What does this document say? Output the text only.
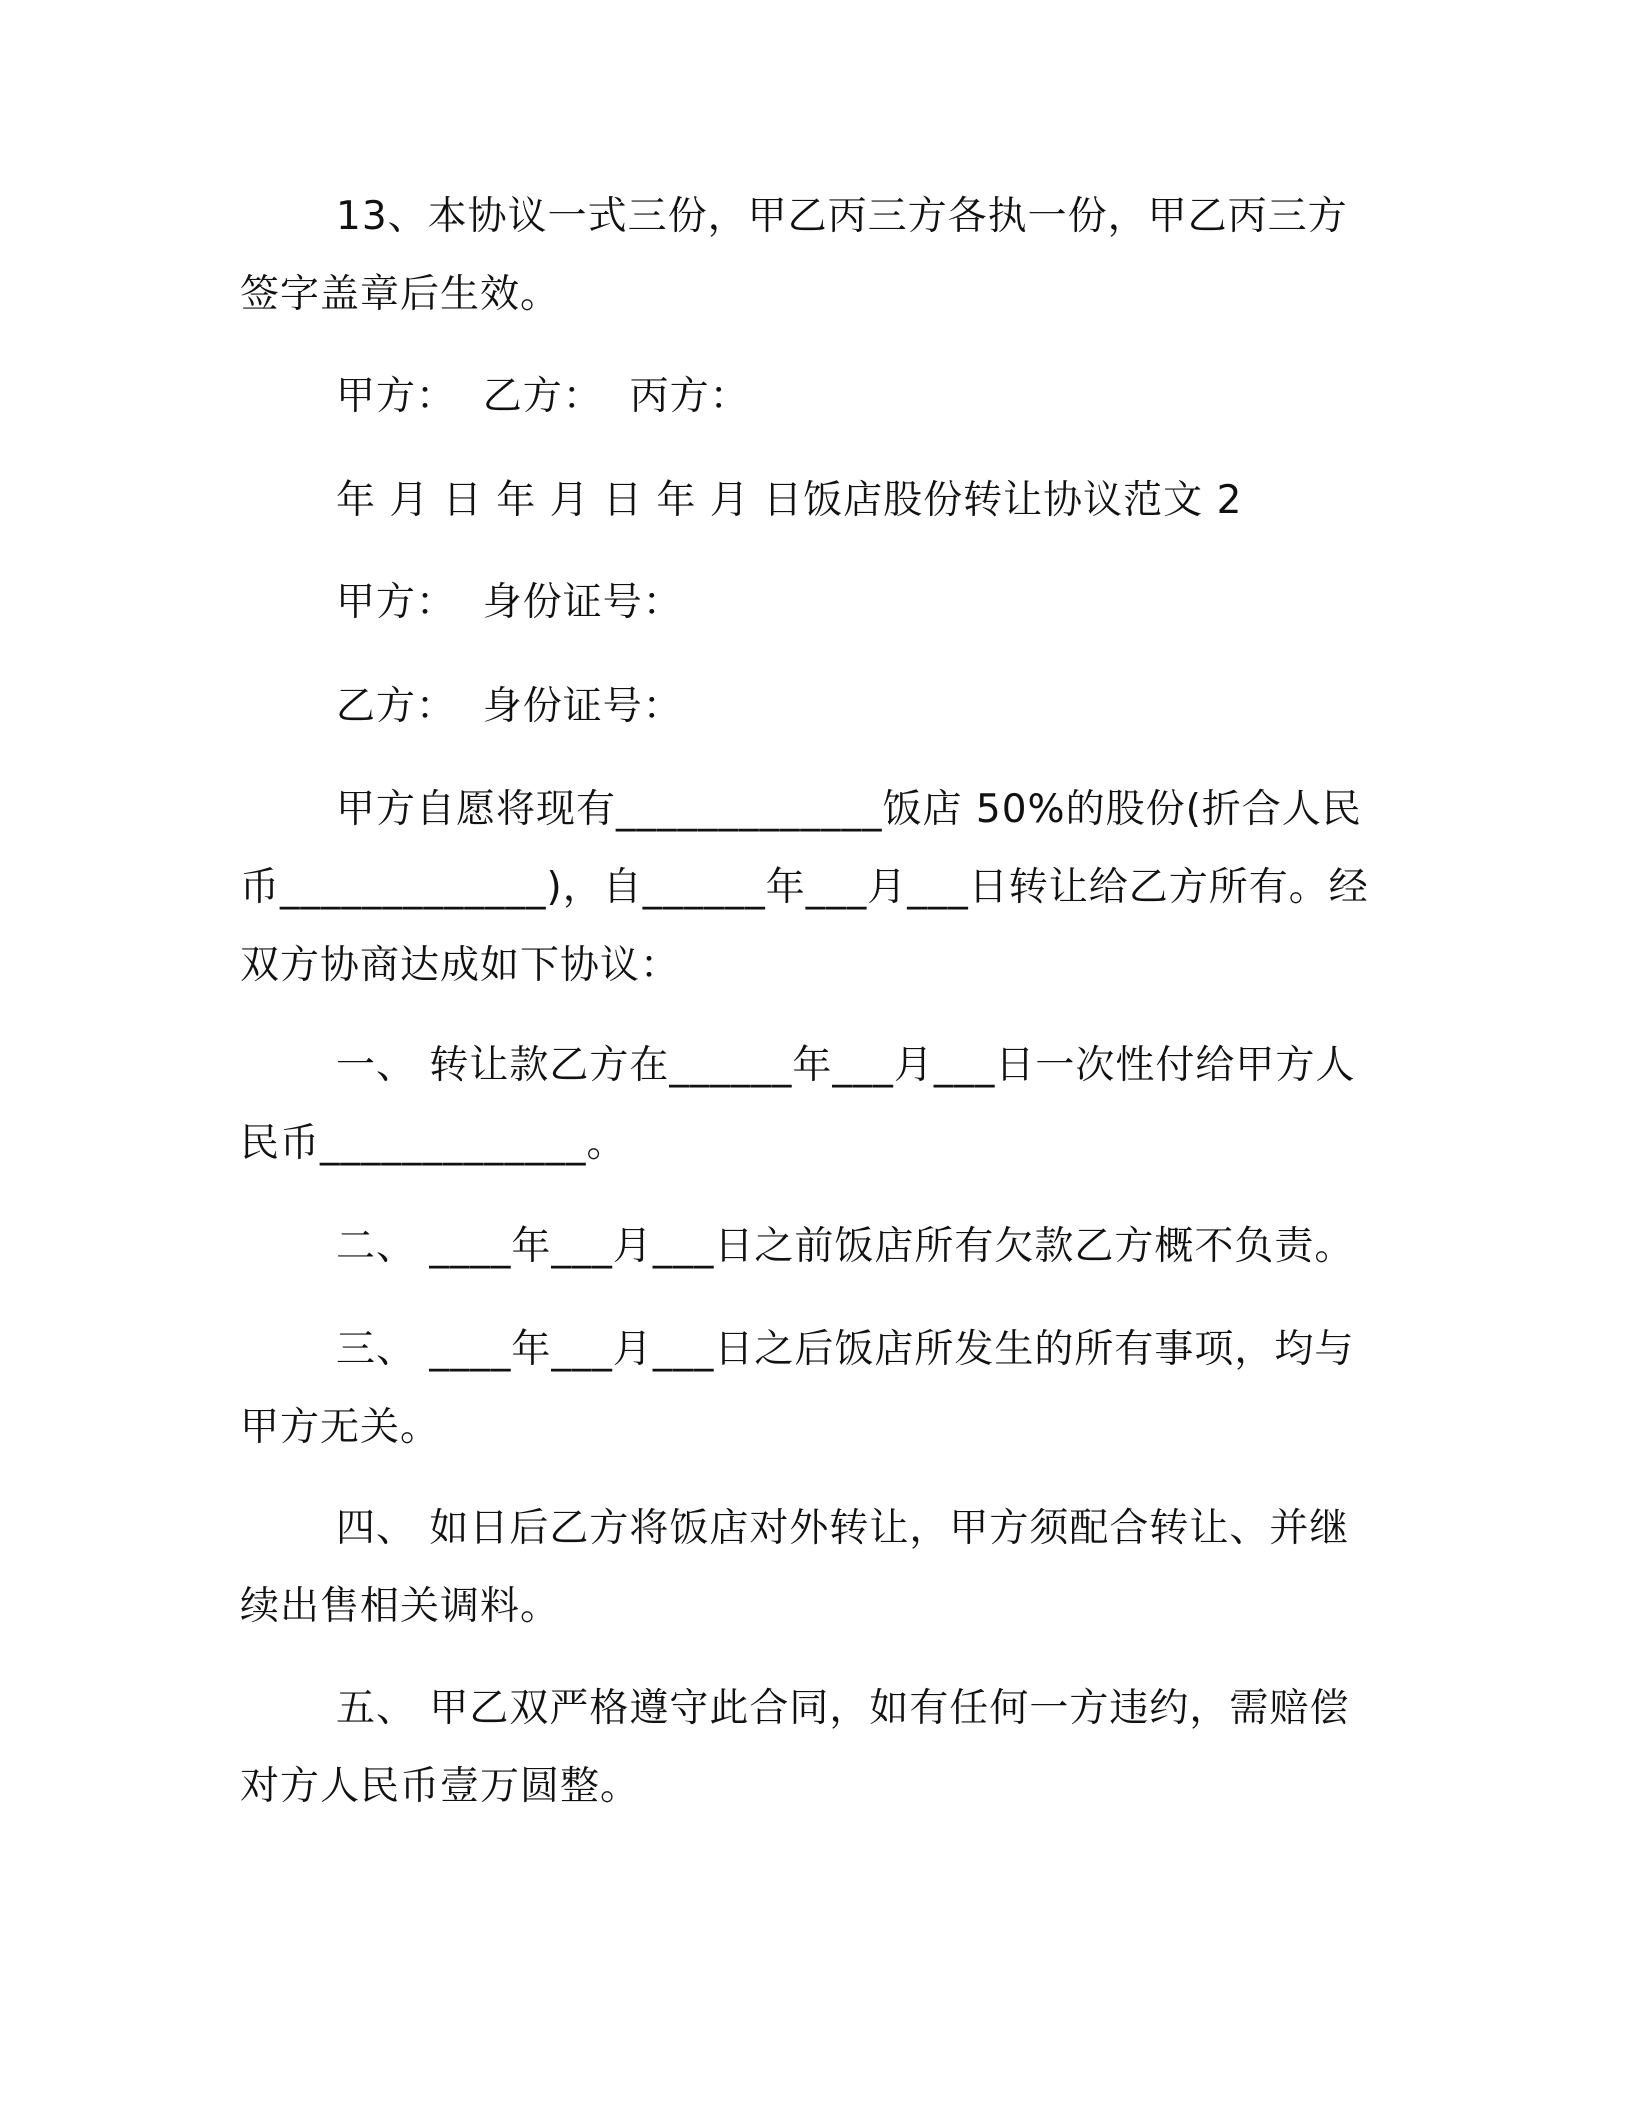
13、本协议一式三份，甲乙丙三方各执一份，甲乙丙三方签字盖章后生效。

甲方：  乙方：  丙方：

年 月 日 年 月 日 年 月 日饭店股份转让协议范文 2

甲方：  身份证号：

乙方：  身份证号：

甲方自愿将现有_____________饭店 50%的股份(折合人民币_____________)，自______年___月___日转让给乙方所有。经双方协商达成如下协议：

一、 转让款乙方在______年___月___日一次性付给甲方人民币_____________。

二、 ____年___月___日之前饭店所有欠款乙方概不负责。

三、 ____年___月___日之后饭店所发生的所有事项，均与甲方无关。

四、 如日后乙方将饭店对外转让，甲方须配合转让、并继续出售相关调料。

五、 甲乙双严格遵守此合同，如有任何一方违约，需赔偿对方人民币壹万圆整。
